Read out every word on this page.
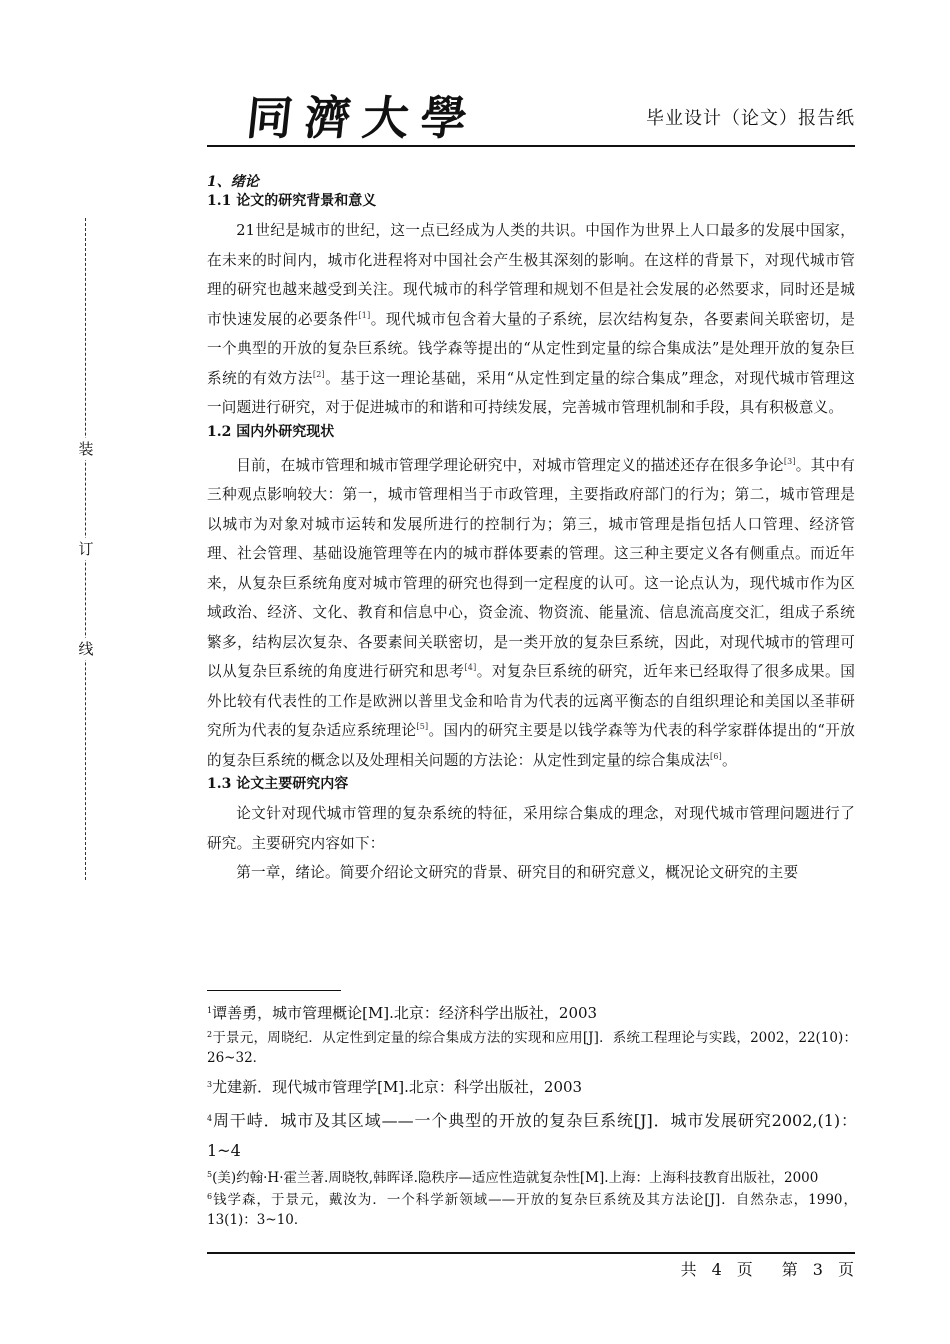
同濟大學	毕业设计（论文）报告纸
装
订
线
1、绪论
1.1 论文的研究背景和意义

21世纪是城市的世纪，这一点已经成为人类的共识。中国作为世界上人口最多的发展中国家，在未来的时间内，城市化进程将对中国社会产生极其深刻的影响。在这样的背景下，对现代城市管理的研究也越来越受到关注。现代城市的科学管理和规划不但是社会发展的必然要求，同时还是城市快速发展的必要条件[1]。现代城市包含着大量的子系统，层次结构复杂，各要素间关联密切，是一个典型的开放的复杂巨系统。钱学森等提出的“从定性到定量的综合集成法”是处理开放的复杂巨系统的有效方法[2]。基于这一理论基础，采用“从定性到定量的综合集成”理念，对现代城市管理这一问题进行研究，对于促进城市的和谐和可持续发展，完善城市管理机制和手段，具有积极意义。

1.2 国内外研究现状

目前，在城市管理和城市管理学理论研究中，对城市管理定义的描述还存在很多争论[3]。其中有三种观点影响较大：第一，城市管理相当于市政管理，主要指政府部门的行为；第二，城市管理是以城市为对象对城市运转和发展所进行的控制行为；第三，城市管理是指包括人口管理、经济管理、社会管理、基础设施管理等在内的城市群体要素的管理。这三种主要定义各有侧重点。而近年来，从复杂巨系统角度对城市管理的研究也得到一定程度的认可。这一论点认为，现代城市作为区域政治、经济、文化、教育和信息中心，资金流、物资流、能量流、信息流高度交汇，组成子系统繁多，结构层次复杂、各要素间关联密切，是一类开放的复杂巨系统，因此，对现代城市的管理可以从复杂巨系统的角度进行研究和思考[4]。对复杂巨系统的研究，近年来已经取得了很多成果。国外比较有代表性的工作是欧洲以普里戈金和哈肯为代表的远离平衡态的自组织理论和美国以圣菲研究所为代表的复杂适应系统理论[5]。国内的研究主要是以钱学森等为代表的科学家群体提出的“开放的复杂巨系统的概念以及处理相关问题的方法论：从定性到定量的综合集成法[6]。

1.3 论文主要研究内容

论文针对现代城市管理的复杂系统的特征，采用综合集成的理念，对现代城市管理问题进行了研究。主要研究内容如下：

第一章，绪论。简要介绍论文研究的背景、研究目的和研究意义，概况论文研究的主要

$^1$谭善勇，城市管理概论[M].北京：经济科学出版社，2003

$^2$于景元，周晓纪．从定性到定量的综合集成方法的实现和应用[J]．系统工程理论与实践，2002，22(10)：26~32．

$^3$尤建新．现代城市管理学[M].北京：科学出版社，2003

$^4$周干峙．城市及其区域——一个典型的开放的复杂巨系统[J]．城市发展研究2002,(1)：1~4

$^5$(美)约翰·H·霍兰著.周晓牧,韩晖译.隐秩序—适应性造就复杂性[M].上海：上海科技教育出版社，2000

$^6$钱学森，于景元，戴汝为．一个科学新领域——开放的复杂巨系统及其方法论[J]．自然杂志，1990，13(1)：3~10．

共 4 页 第 3 页
